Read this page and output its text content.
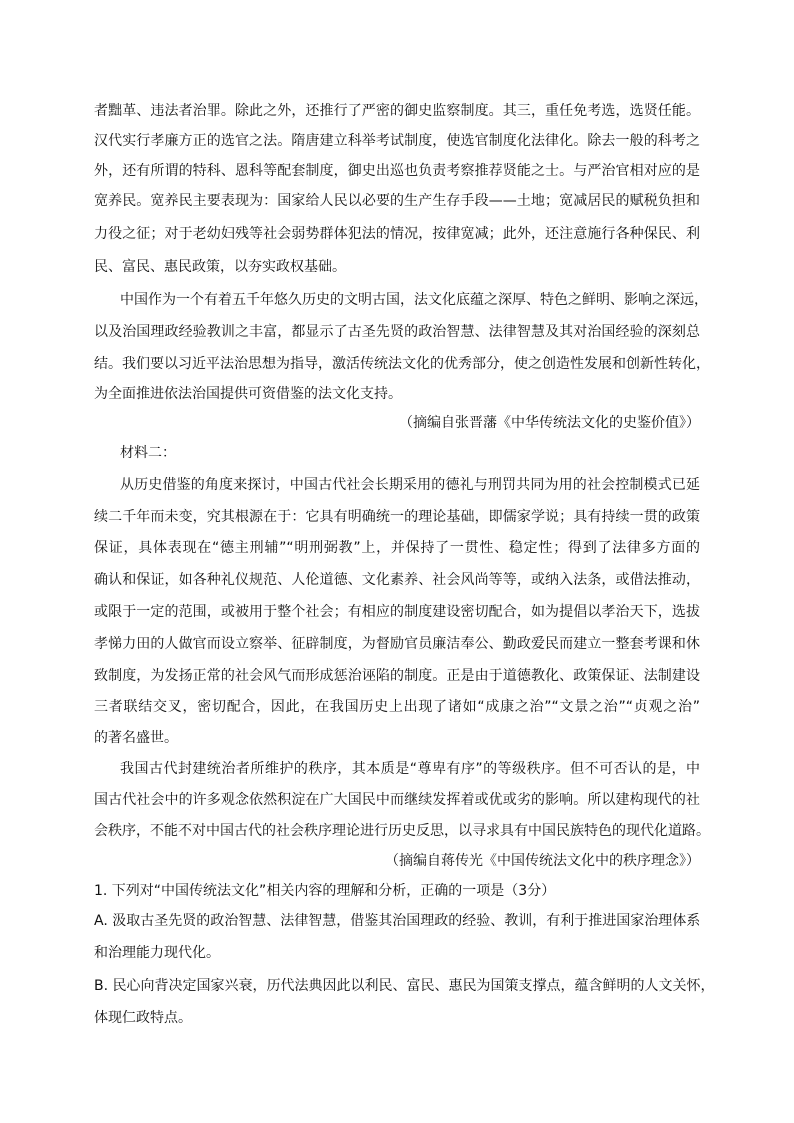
者黜革、违法者治罪。除此之外，还推行了严密的御史监察制度。其三，重任免考选，选贤任能。
汉代实行孝廉方正的选官之法。隋唐建立科举考试制度，使选官制度化法律化。除去一般的科考之
外，还有所谓的特科、恩科等配套制度，御史出巡也负责考察推荐贤能之士。与严治官相对应的是
宽养民。宽养民主要表现为：国家给人民以必要的生产生存手段——土地；宽减居民的赋税负担和
力役之征；对于老幼妇残等社会弱势群体犯法的情况，按律宽减；此外，还注意施行各种保民、利
民、富民、惠民政策，以夯实政权基础。
中国作为一个有着五千年悠久历史的文明古国，法文化底蕴之深厚、特色之鲜明、影响之深远，
以及治国理政经验教训之丰富，都显示了古圣先贤的政治智慧、法律智慧及其对治国经验的深刻总
结。我们要以习近平法治思想为指导，激活传统法文化的优秀部分，使之创造性发展和创新性转化，
为全面推进依法治国提供可资借鉴的法文化支持。
（摘编自张晋藩《中华传统法文化的史鉴价值》）
材料二：
从历史借鉴的角度来探讨，中国古代社会长期采用的德礼与刑罚共同为用的社会控制模式已延
续二千年而未变，究其根源在于：它具有明确统一的理论基础，即儒家学说；具有持续一贯的政策
保证，具体表现在“德主刑辅”“明刑弼教”上，并保持了一贯性、稳定性；得到了法律多方面的
确认和保证，如各种礼仪规范、人伦道德、文化素养、社会风尚等等，或纳入法条，或借法推动，
或限于一定的范围，或被用于整个社会；有相应的制度建设密切配合，如为提倡以孝治天下，选拔
孝悌力田的人做官而设立察举、征辟制度，为督励官员廉洁奉公、勤政爱民而建立一整套考课和休
致制度，为发扬正常的社会风气而形成惩治诬陷的制度。正是由于道德教化、政策保证、法制建设
三者联结交叉，密切配合，因此，在我国历史上出现了诸如“成康之治”“文景之治”“贞观之治”
的著名盛世。
我国古代封建统治者所维护的秩序，其本质是“尊卑有序”的等级秩序。但不可否认的是，中
国古代社会中的许多观念依然积淀在广大国民中而继续发挥着或优或劣的影响。所以建构现代的社
会秩序，不能不对中国古代的社会秩序理论进行历史反思，以寻求具有中国民族特色的现代化道路。
（摘编自蒋传光《中国传统法文化中的秩序理念》）
1. 下列对“中国传统法文化”相关内容的理解和分析，正确的一项是（3分）
A. 汲取古圣先贤的政治智慧、法律智慧，借鉴其治国理政的经验、教训，有利于推进国家治理体系
和治理能力现代化。
B. 民心向背决定国家兴衰，历代法典因此以利民、富民、惠民为国策支撑点，蕴含鲜明的人文关怀，
体现仁政特点。
